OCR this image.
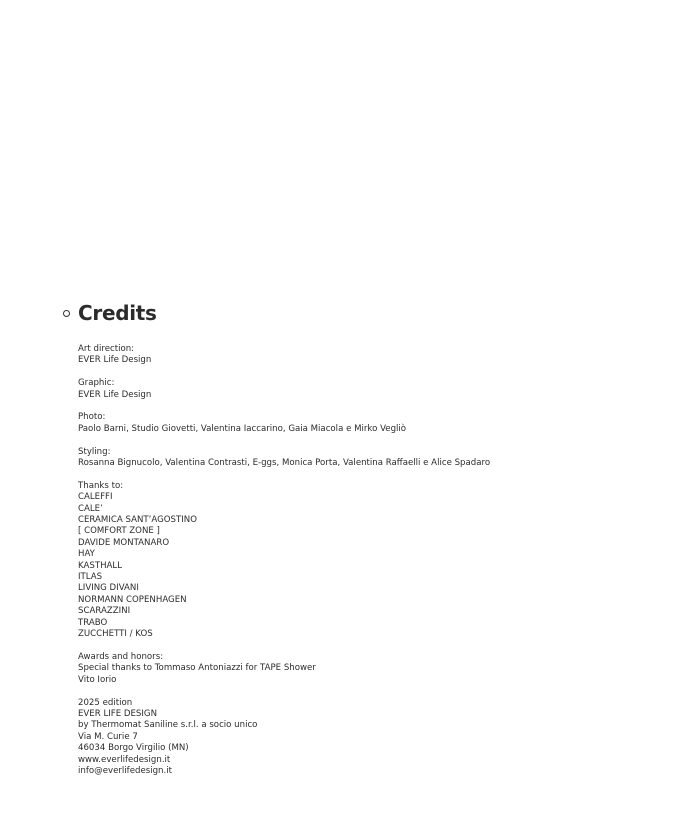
Credits
Art direction:
EVER Life Design
Graphic:
EVER Life Design
Photo:
Paolo Barni, Studio Giovetti, Valentina Iaccarino, Gaia Miacola e Mirko Vegliò
Styling:
Rosanna Bignucolo, Valentina Contrasti, E-ggs, Monica Porta, Valentina Raffaelli e Alice Spadaro
Thanks to:
CALEFFI
CALE’
CERAMICA SANT’AGOSTINO
[ COMFORT ZONE ]
DAVIDE MONTANARO
HAY
KASTHALL
ITLAS
LIVING DIVANI
NORMANN COPENHAGEN
SCARAZZINI
TRABO
ZUCCHETTI / KOS
Awards and honors:
Special thanks to Tommaso Antoniazzi for TAPE Shower
Vito Iorio
2025 edition
EVER LIFE DESIGN
by Thermomat Saniline s.r.l. a socio unico
Via M. Curie 7
46034 Borgo Virgilio (MN)
www.everlifedesign.it
info@everlifedesign.it
